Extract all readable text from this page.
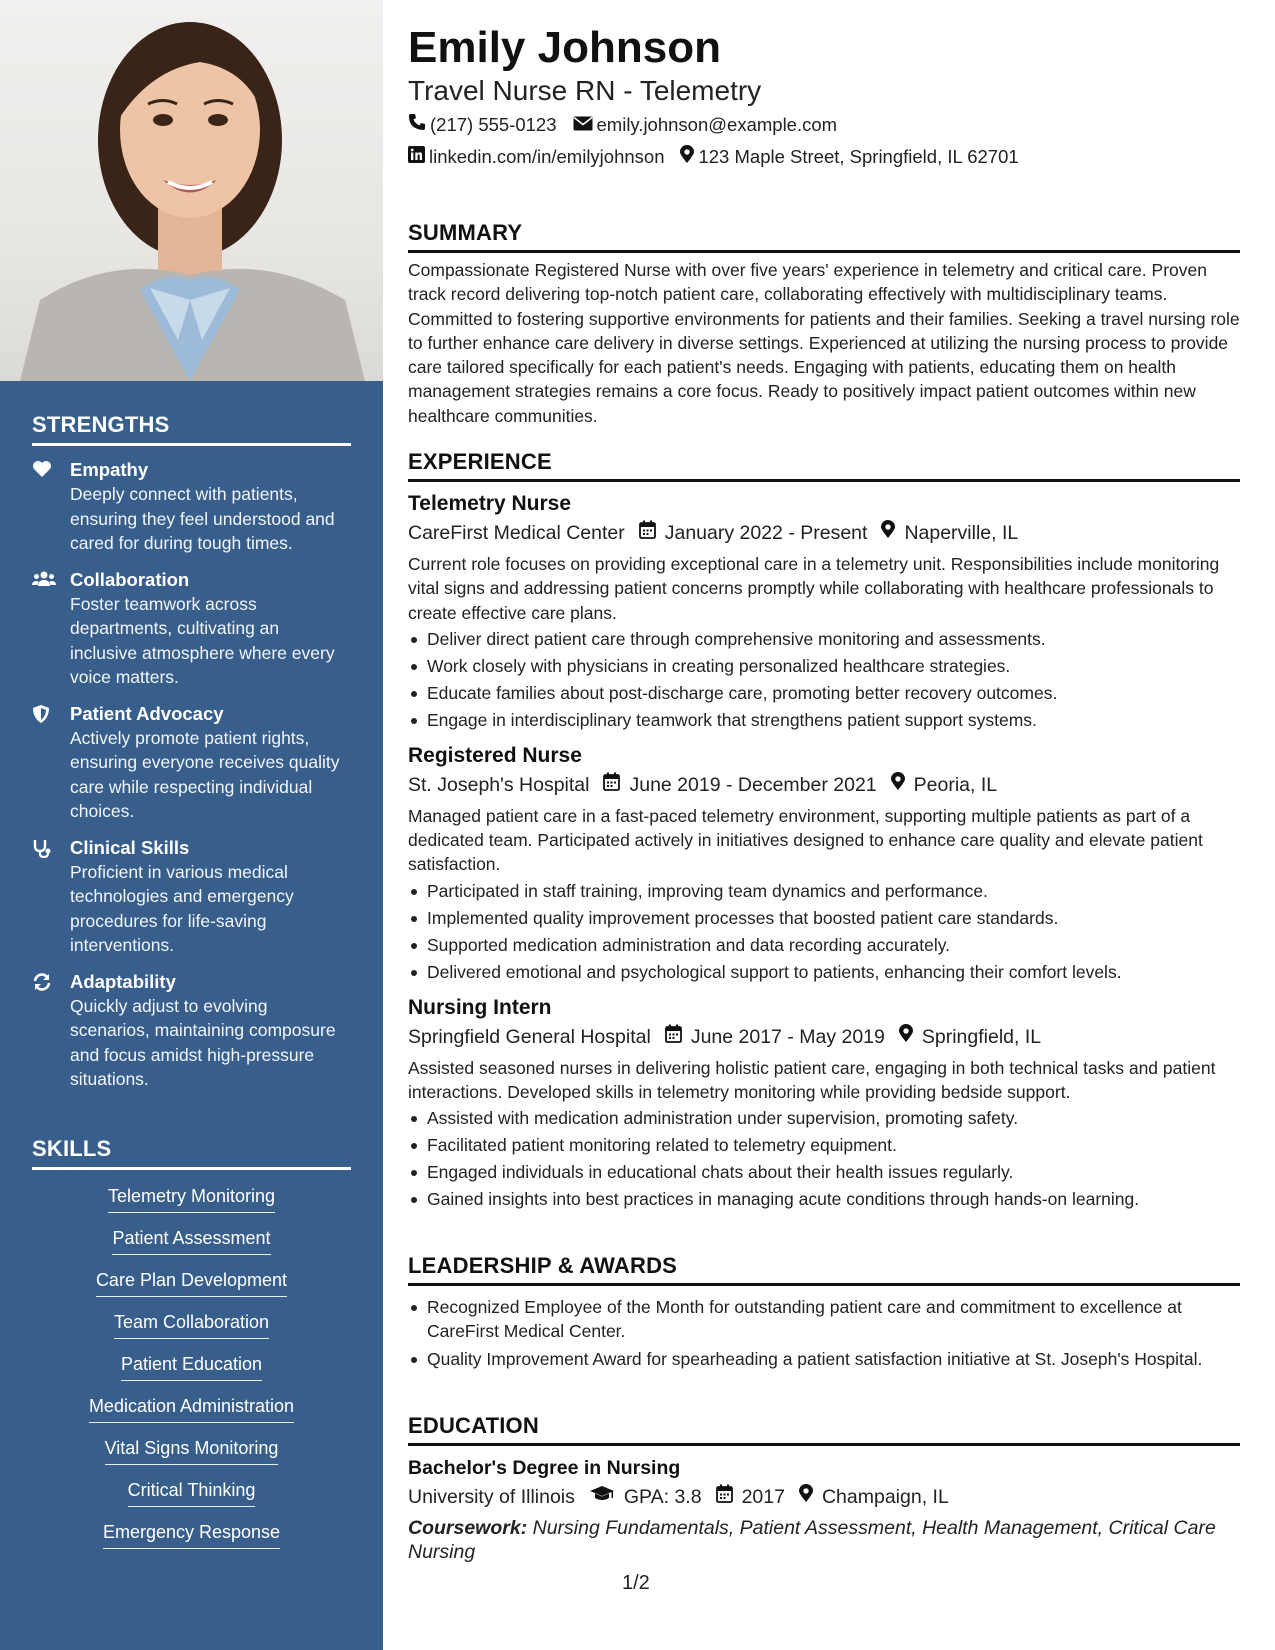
STRENGTHS
Empathy
Deeply connect with patients, ensuring they feel understood and cared for during tough times.
Collaboration
Foster teamwork across departments, cultivating an inclusive atmosphere where every voice matters.
Patient Advocacy
Actively promote patient rights, ensuring everyone receives quality care while respecting individual choices.
Clinical Skills
Proficient in various medical technologies and emergency procedures for life-saving interventions.
Adaptability
Quickly adjust to evolving scenarios, maintaining composure and focus amidst high-pressure situations.
SKILLS
Telemetry Monitoring
Patient Assessment
Care Plan Development
Team Collaboration
Patient Education
Medication Administration
Vital Signs Monitoring
Critical Thinking
Emergency Response
Emily Johnson
Travel Nurse RN - Telemetry
(217) 555-0123 emily.johnson@example.com
linkedin.com/in/emilyjohnson 123 Maple Street, Springfield, IL 62701
SUMMARY

Compassionate Registered Nurse with over five years' experience in telemetry and critical care. Proven track record delivering top-notch patient care, collaborating effectively with multidisciplinary teams. Committed to fostering supportive environments for patients and their families. Seeking a travel nursing role to further enhance care delivery in diverse settings. Experienced at utilizing the nursing process to provide care tailored specifically for each patient's needs. Engaging with patients, educating them on health management strategies remains a core focus. Ready to positively impact patient outcomes within new healthcare communities.

EXPERIENCE
Telemetry Nurse
CareFirst Medical Center January 2022 - Present Naperville, IL

Current role focuses on providing exceptional care in a telemetry unit. Responsibilities include monitoring vital signs and addressing patient concerns promptly while collaborating with healthcare professionals to create effective care plans.

Deliver direct patient care through comprehensive monitoring and assessments.
Work closely with physicians in creating personalized healthcare strategies.
Educate families about post-discharge care, promoting better recovery outcomes.
Engage in interdisciplinary teamwork that strengthens patient support systems.
Registered Nurse
St. Joseph's Hospital June 2019 - December 2021 Peoria, IL

Managed patient care in a fast-paced telemetry environment, supporting multiple patients as part of a dedicated team. Participated actively in initiatives designed to enhance care quality and elevate patient satisfaction.

Participated in staff training, improving team dynamics and performance.
Implemented quality improvement processes that boosted patient care standards.
Supported medication administration and data recording accurately.
Delivered emotional and psychological support to patients, enhancing their comfort levels.
Nursing Intern
Springfield General Hospital June 2017 - May 2019 Springfield, IL

Assisted seasoned nurses in delivering holistic patient care, engaging in both technical tasks and patient interactions. Developed skills in telemetry monitoring while providing bedside support.

Assisted with medication administration under supervision, promoting safety.
Facilitated patient monitoring related to telemetry equipment.
Engaged individuals in educational chats about their health issues regularly.
Gained insights into best practices in managing acute conditions through hands-on learning.
LEADERSHIP & AWARDS
Recognized Employee of the Month for outstanding patient care and commitment to excellence at CareFirst Medical Center.
Quality Improvement Award for spearheading a patient satisfaction initiative at St. Joseph's Hospital.
EDUCATION
Bachelor's Degree in Nursing
University of Illinois	GPA: 3.8 2017 Champaign, IL
Coursework: Nursing Fundamentals, Patient Assessment, Health Management, Critical Care Nursing
1/2
